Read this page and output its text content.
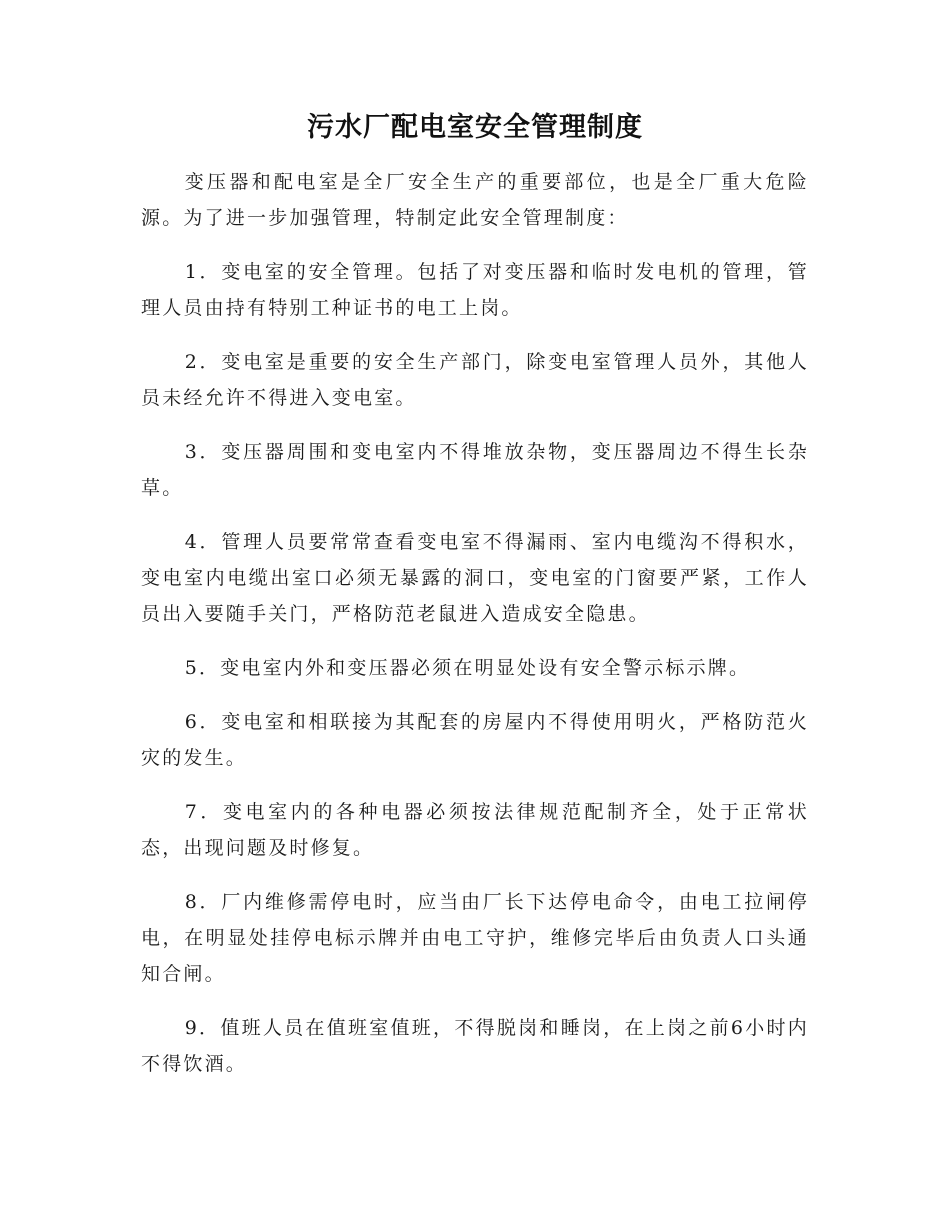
污水厂配电室安全管理制度

变压器和配电室是全厂安全生产的重要部位，也是全厂重大危险源。为了进一步加强管理，特制定此安全管理制度：

1．变电室的安全管理。包括了对变压器和临时发电机的管理，管理人员由持有特别工种证书的电工上岗。

2．变电室是重要的安全生产部门，除变电室管理人员外，其他人员未经允许不得进入变电室。

3．变压器周围和变电室内不得堆放杂物，变压器周边不得生长杂草。

4．管理人员要常常查看变电室不得漏雨、室内电缆沟不得积水，变电室内电缆出室口必须无暴露的洞口，变电室的门窗要严紧，工作人员出入要随手关门，严格防范老鼠进入造成安全隐患。

5．变电室内外和变压器必须在明显处设有安全警示标示牌。

6．变电室和相联接为其配套的房屋内不得使用明火，严格防范火灾的发生。

7．变电室内的各种电器必须按法律规范配制齐全，处于正常状态，出现问题及时修复。

8．厂内维修需停电时，应当由厂长下达停电命令，由电工拉闸停电，在明显处挂停电标示牌并由电工守护，维修完毕后由负责人口头通知合闸。

9．值班人员在值班室值班，不得脱岗和睡岗，在上岗之前6小时内不得饮酒。
